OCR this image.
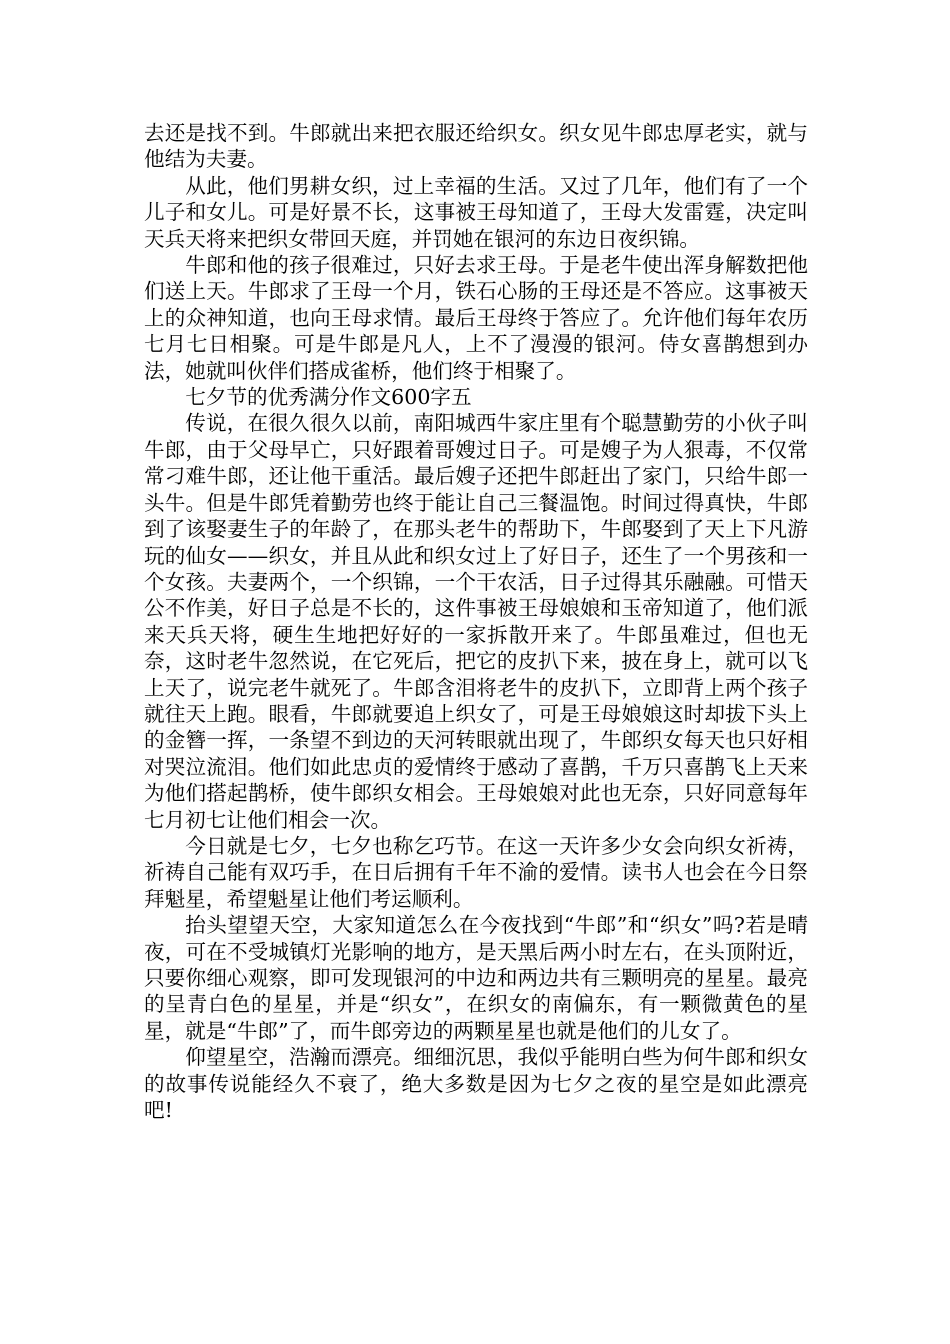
去还是找不到。牛郎就出来把衣服还给织女。织女见牛郎忠厚老实，就与他结为夫妻。

从此，他们男耕女织，过上幸福的生活。又过了几年，他们有了一个儿子和女儿。可是好景不长，这事被王母知道了，王母大发雷霆，决定叫天兵天将来把织女带回天庭，并罚她在银河的东边日夜织锦。

牛郎和他的孩子很难过，只好去求王母。于是老牛使出浑身解数把他们送上天。牛郎求了王母一个月，铁石心肠的王母还是不答应。这事被天上的众神知道，也向王母求情。最后王母终于答应了。允许他们每年农历七月七日相聚。可是牛郎是凡人，上不了漫漫的银河。侍女喜鹊想到办法，她就叫伙伴们搭成雀桥，他们终于相聚了。

七夕节的优秀满分作文600字五

传说，在很久很久以前，南阳城西牛家庄里有个聪慧勤劳的小伙子叫牛郎，由于父母早亡，只好跟着哥嫂过日子。可是嫂子为人狠毒，不仅常常刁难牛郎，还让他干重活。最后嫂子还把牛郎赶出了家门，只给牛郎一头牛。但是牛郎凭着勤劳也终于能让自己三餐温饱。时间过得真快，牛郎到了该娶妻生子的年龄了，在那头老牛的帮助下，牛郎娶到了天上下凡游玩的仙女——织女，并且从此和织女过上了好日子，还生了一个男孩和一个女孩。夫妻两个，一个织锦，一个干农活，日子过得其乐融融。可惜天公不作美，好日子总是不长的，这件事被王母娘娘和玉帝知道了，他们派来天兵天将，硬生生地把好好的一家拆散开来了。牛郎虽难过，但也无奈，这时老牛忽然说，在它死后，把它的皮扒下来，披在身上，就可以飞上天了，说完老牛就死了。牛郎含泪将老牛的皮扒下，立即背上两个孩子就往天上跑。眼看，牛郎就要追上织女了，可是王母娘娘这时却拔下头上的金簪一挥，一条望不到边的天河转眼就出现了，牛郎织女每天也只好相对哭泣流泪。他们如此忠贞的爱情终于感动了喜鹊，千万只喜鹊飞上天来为他们搭起鹊桥，使牛郎织女相会。王母娘娘对此也无奈，只好同意每年七月初七让他们相会一次。

今日就是七夕，七夕也称乞巧节。在这一天许多少女会向织女祈祷，祈祷自己能有双巧手，在日后拥有千年不渝的爱情。读书人也会在今日祭拜魁星，希望魁星让他们考运顺利。

抬头望望天空，大家知道怎么在今夜找到“牛郎”和“织女”吗?若是晴夜，可在不受城镇灯光影响的地方，是天黑后两小时左右，在头顶附近，只要你细心观察，即可发现银河的中边和两边共有三颗明亮的星星。最亮的呈青白色的星星，并是“织女”，在织女的南偏东，有一颗微黄色的星星，就是“牛郎”了，而牛郎旁边的两颗星星也就是他们的儿女了。

仰望星空，浩瀚而漂亮。细细沉思，我似乎能明白些为何牛郎和织女的故事传说能经久不衰了，绝大多数是因为七夕之夜的星空是如此漂亮吧!
